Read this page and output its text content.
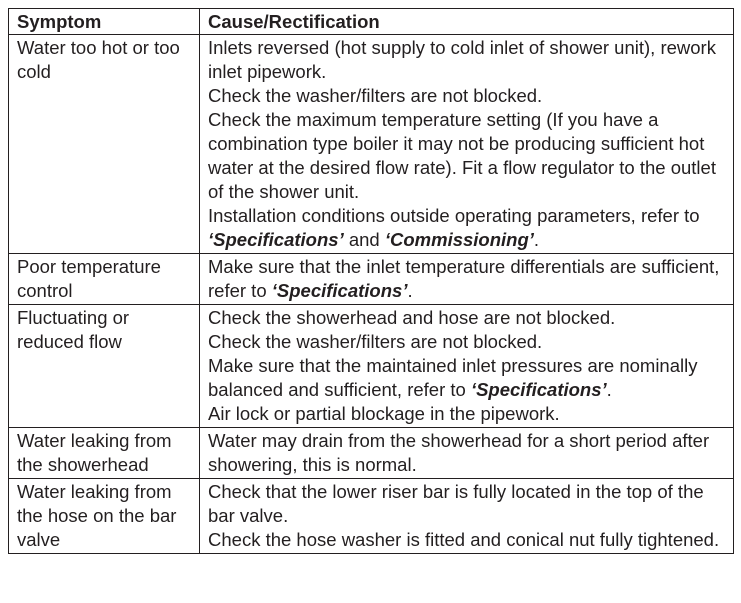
Symptom	Cause/Rectification
Water too hot or too cold	Inlets reversed (hot supply to cold inlet of shower unit), rework inlet pipework.
Check the washer/filters are not blocked.
Check the maximum temperature setting (If you have a combination type boiler it may not be producing sufficient hot water at the desired flow rate). Fit a flow regulator to the outlet of the shower unit.
Installation conditions outside operating parameters, refer to ‘Specifications’ and ‘Commissioning’.

Poor temperature control	Make sure that the inlet temperature differentials are sufficient, refer to ‘Specifications’.

Fluctuating or reduced flow	Check the showerhead and hose are not blocked.
Check the washer/filters are not blocked.
Make sure that the maintained inlet pressures are nominally balanced and sufficient, refer to ‘Specifications’.
Air lock or partial blockage in the pipework.

Water leaking from the showerhead	Water may drain from the showerhead for a short period after showering, this is normal.

Water leaking from the hose on the bar valve	Check that the lower riser bar is fully located in the top of the bar valve.
Check the hose washer is fitted and conical nut fully tightened.
